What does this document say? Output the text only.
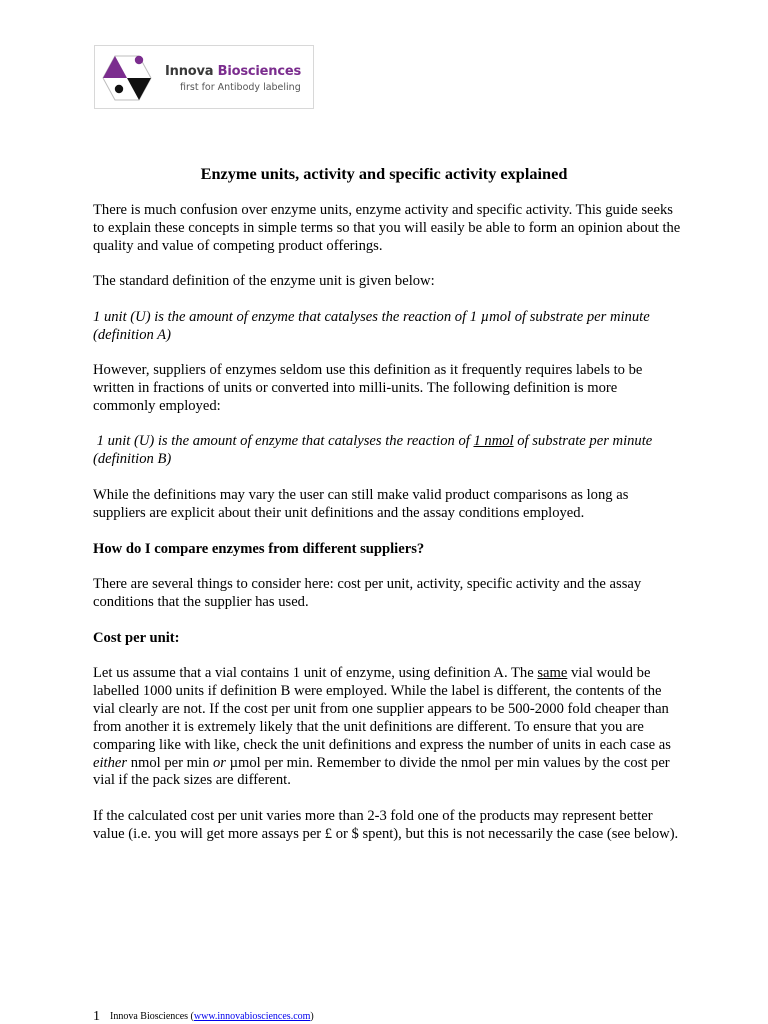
Innova Biosciences
first for Antibody labeling
Enzyme units, activity and specific activity explained

There is much confusion over enzyme units, enzyme activity and specific activity. This guide seeks to explain these concepts in simple terms so that you will easily be able to form an opinion about the quality and value of competing product offerings.

The standard definition of the enzyme unit is given below:

1 unit (U) is the amount of enzyme that catalyses the reaction of 1 µmol of substrate per minute (definition A)

However, suppliers of enzymes seldom use this definition as it frequently requires labels to be written in fractions of units or converted into milli-units. The following definition is more commonly employed:

1 unit (U) is the amount of enzyme that catalyses the reaction of 1 nmol of substrate per minute (definition B)

While the definitions may vary the user can still make valid product comparisons as long as suppliers are explicit about their unit definitions and the assay conditions employed.

How do I compare enzymes from different suppliers?

There are several things to consider here: cost per unit, activity, specific activity and the assay conditions that the supplier has used.

Cost per unit:

Let us assume that a vial contains 1 unit of enzyme, using definition A. The same vial would be labelled 1000 units if definition B were employed. While the label is different, the contents of the vial clearly are not. If the cost per unit from one supplier appears to be 500-2000 fold cheaper than from another it is extremely likely that the unit definitions are different. To ensure that you are comparing like with like, check the unit definitions and express the number of units in each case as either nmol per min or µmol per min. Remember to divide the nmol per min values by the cost per vial if the pack sizes are different.

If the calculated cost per unit varies more than 2-3 fold one of the products may represent better value (i.e. you will get more assays per £ or $ spent), but this is not necessarily the case (see below).

1 Innova Biosciences (www.innovabiosciences.com)
